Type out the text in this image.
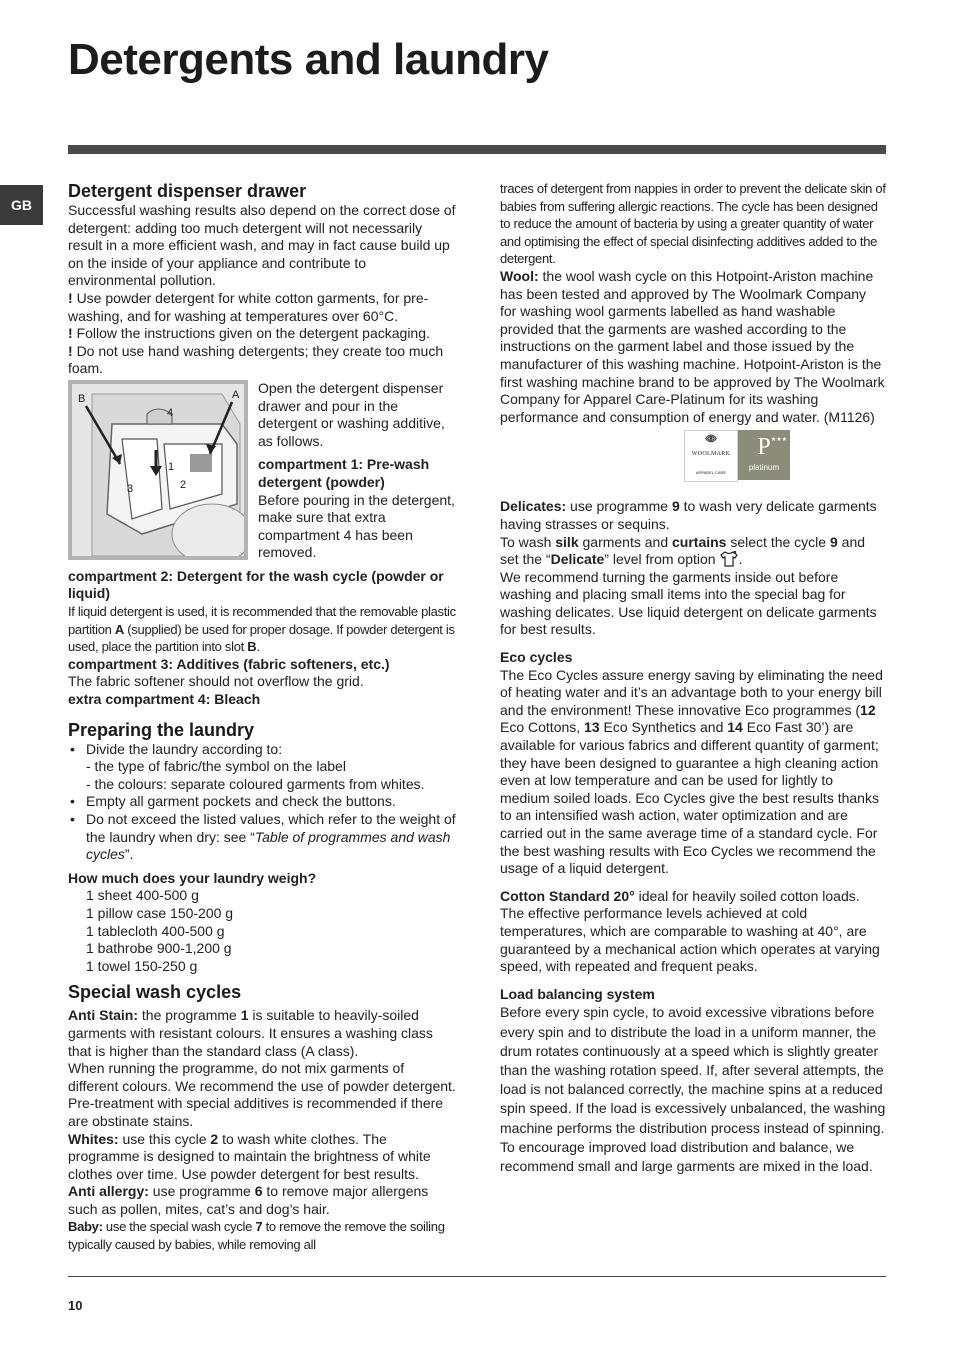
Detergents and laundry
GB
Detergent dispenser drawer

Successful washing results also depend on the correct dose of detergent: adding too much detergent will not necessarily result in a more efficient wash, and may in fact cause build up on the inside of your appliance and contribute to environmental pollution.

! Use powder detergent for white cotton garments, for pre-washing, and for washing at temperatures over 60°C.

! Follow the instructions given on the detergent packaging.

! Do not use hand washing detergents; they create too much foam.

B	A
1
2
3
4

Open the detergent dispenser drawer and pour in the detergent or washing additive, as follows.

compartment 1: Pre-wash detergent (powder)

Before pouring in the detergent, make sure that extra compartment 4 has been removed.

compartment 2: Detergent for the wash cycle (powder or liquid)

If liquid detergent is used, it is recommended that the removable plastic partition A (supplied) be used for proper dosage. If powder detergent is used, place the partition into slot B.

compartment 3: Additives (fabric softeners, etc.)

The fabric softener should not overflow the grid.

extra compartment 4: Bleach
Preparing the laundry
• Divide the laundry according to:
- the type of fabric/the symbol on the label
- the colours: separate coloured garments from whites.
• Empty all garment pockets and check the buttons.
• Do not exceed the listed values, which refer to the weight of the laundry when dry: see “Table of programmes and wash cycles”.
How much does your laundry weigh?

1 sheet 400-500 g

1 pillow case 150-200 g

1 tablecloth 400-500 g

1 bathrobe 900-1,200 g

1 towel 150-250 g

Special wash cycles

Anti Stain: the programme 1 is suitable to heavily-soiled garments with resistant colours. It ensures a washing class that is higher than the standard class (A class).

When running the programme, do not mix garments of different colours. We recommend the use of powder detergent. Pre-treatment with special additives is recommended if there are obstinate stains.

Whites: use this cycle 2 to wash white clothes. The programme is designed to maintain the brightness of white clothes over time. Use powder detergent for best results.

Anti allergy: use programme 6 to remove major allergens such as pollen, mites, cat’s and dog’s hair.

Baby: use the special wash cycle 7 to remove the remove the soiling typically caused by babies, while removing all

traces of detergent from nappies in order to prevent the delicate skin of babies from suffering allergic reactions. The cycle has been designed to reduce the amount of bacteria by using a greater quantity of water and optimising the effect of special disinfecting additives added to the detergent.

Wool: the wool wash cycle on this Hotpoint-Ariston machine has been tested and approved by The Woolmark Company for washing wool garments labelled as hand washable provided that the garments are washed according to the instructions on the garment label and those issued by the manufacturer of this washing machine. Hotpoint-Ariston is the first washing machine brand to be approved by The Woolmark Company for Apparel Care-Platinum for its washing performance and consumption of energy and water. (M1126)

WOOLMARK
APPAREL CARE
★★★
P
platinum

Delicates: use programme 9 to wash very delicate garments having strasses or sequins.

To wash silk garments and curtains select the cycle 9 and set the “Delicate” level from option .

We recommend turning the garments inside out before washing and placing small items into the special bag for washing delicates. Use liquid detergent on delicate garments for best results.

Eco cycles

The Eco Cycles assure energy saving by eliminating the need of heating water and it’s an advantage both to your energy bill and the environment! These innovative Eco programmes (12 Eco Cottons, 13 Eco Synthetics and 14 Eco Fast 30’) are available for various fabrics and different quantity of garment; they have been designed to guarantee a high cleaning action even at low temperature and can be used for lightly to medium soiled loads. Eco Cycles give the best results thanks to an intensified wash action, water optimization and are carried out in the same average time of a standard cycle. For the best washing results with Eco Cycles we recommend the usage of a liquid detergent.

Cotton Standard 20° ideal for heavily soiled cotton loads. The effective performance levels achieved at cold temperatures, which are comparable to washing at 40°, are guaranteed by a mechanical action which operates at varying speed, with repeated and frequent peaks.

Load balancing system

Before every spin cycle, to avoid excessive vibrations before every spin and to distribute the load in a uniform manner, the drum rotates continuously at a speed which is slightly greater than the washing rotation speed. If, after several attempts, the load is not balanced correctly, the machine spins at a reduced spin speed. If the load is excessively unbalanced, the washing machine performs the distribution process instead of spinning. To encourage improved load distribution and balance, we recommend small and large garments are mixed in the load.

10
